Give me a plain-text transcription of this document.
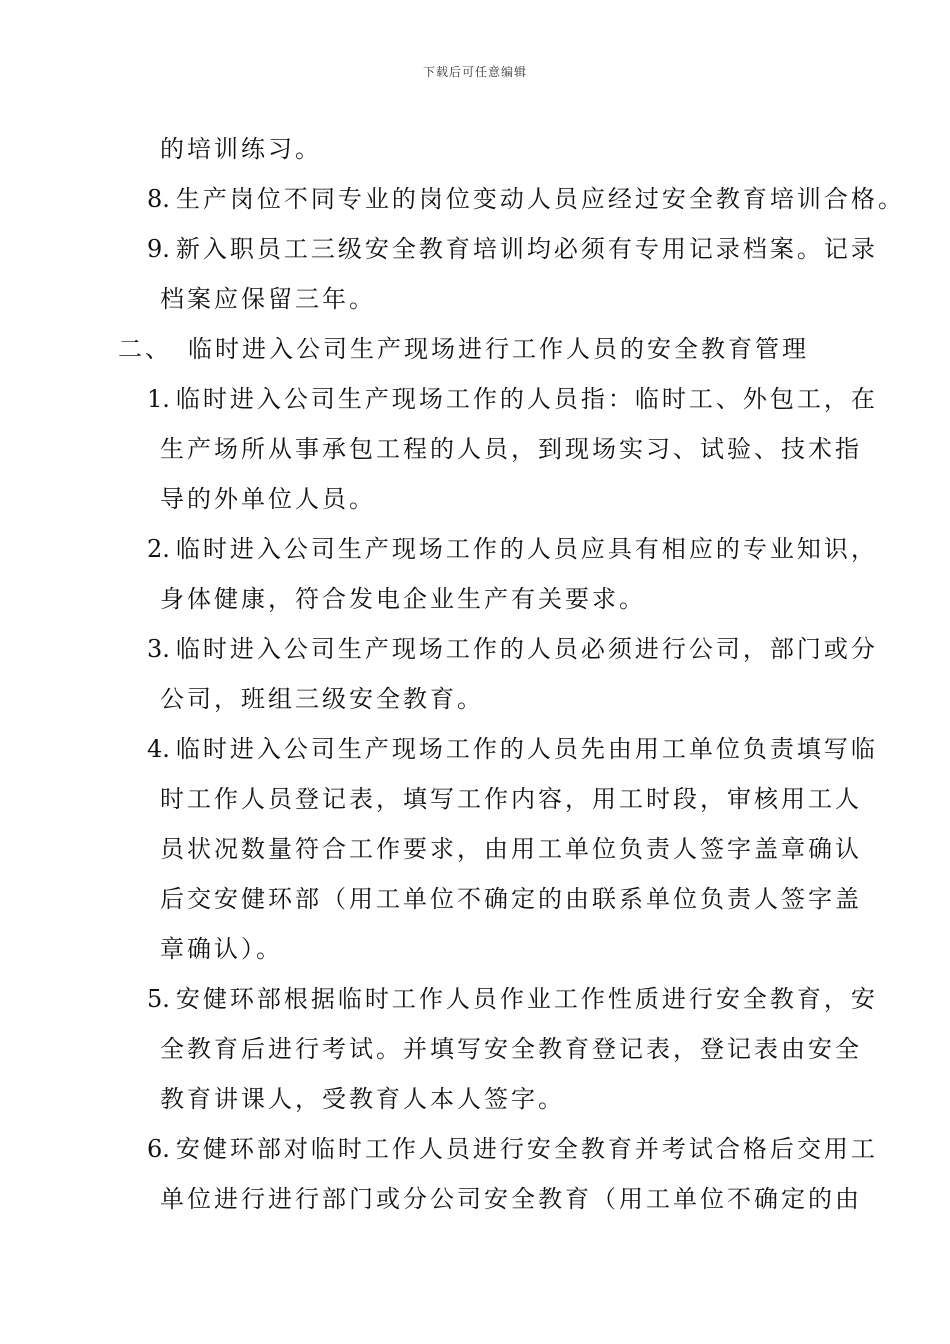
下载后可任意编辑
的培训练习。
8. 生产岗位不同专业的岗位变动人员应经过安全教育培训合格。
9. 新入职员工三级安全教育培训均必须有专用记录档案。记录
档案应保留三年。
二、 临时进入公司生产现场进行工作人员的安全教育管理
1. 临时进入公司生产现场工作的人员指：临时工、外包工，在
生产场所从事承包工程的人员，到现场实习、试验、技术指
导的外单位人员。
2. 临时进入公司生产现场工作的人员应具有相应的专业知识，
身体健康，符合发电企业生产有关要求。
3. 临时进入公司生产现场工作的人员必须进行公司，部门或分
公司，班组三级安全教育。
4. 临时进入公司生产现场工作的人员先由用工单位负责填写临
时工作人员登记表，填写工作内容，用工时段，审核用工人
员状况数量符合工作要求，由用工单位负责人签字盖章确认
后交安健环部（用工单位不确定的由联系单位负责人签字盖
章确认）。
5. 安健环部根据临时工作人员作业工作性质进行安全教育，安
全教育后进行考试。并填写安全教育登记表，登记表由安全
教育讲课人，受教育人本人签字。
6. 安健环部对临时工作人员进行安全教育并考试合格后交用工
单位进行进行部门或分公司安全教育（用工单位不确定的由
